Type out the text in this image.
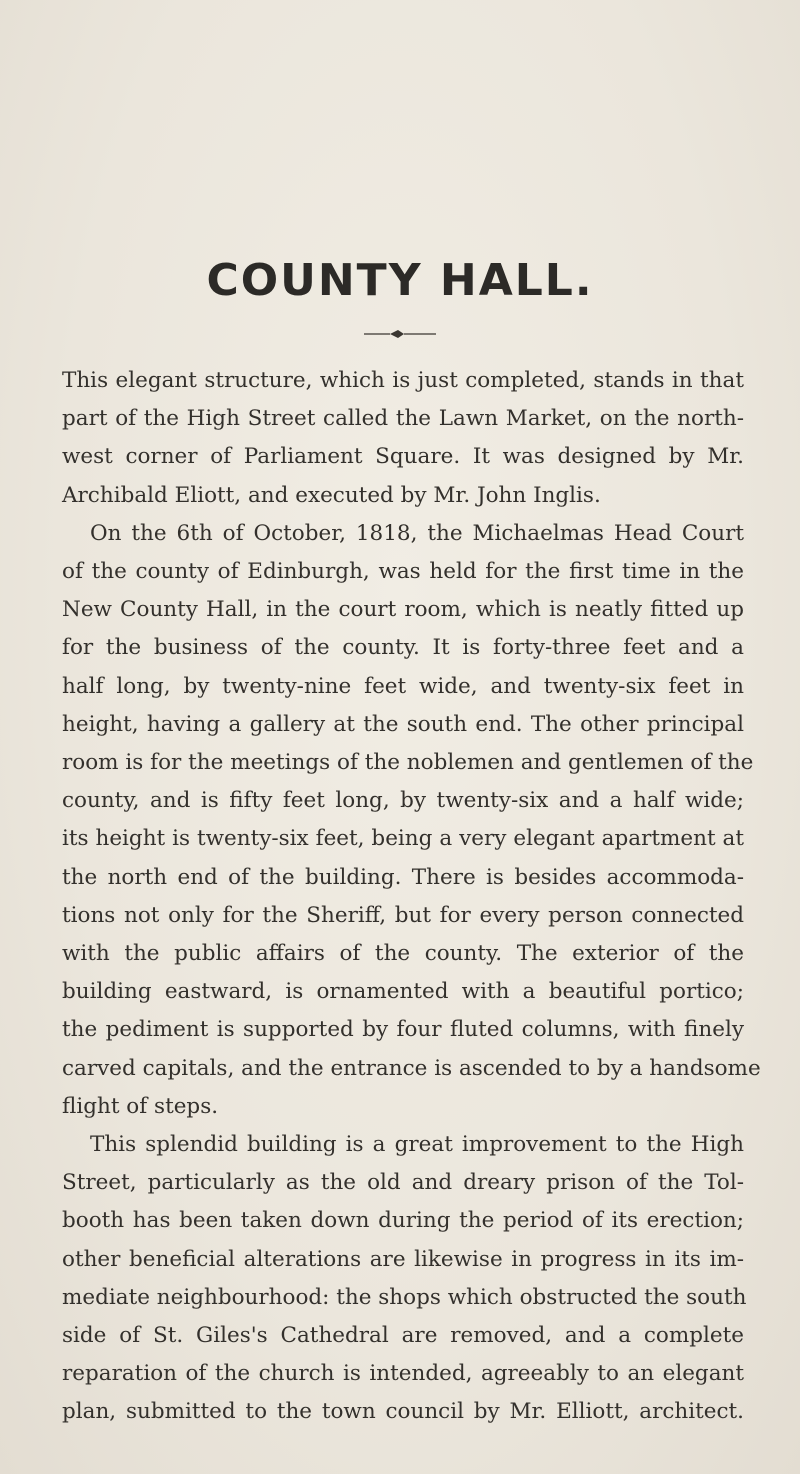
COUNTY HALL.
This elegant structure, which is just completed, stands in that
part of the High Street called the Lawn Market, on the north-
west corner of Parliament Square. It was designed by Mr.
Archibald Eliott, and executed by Mr. John Inglis.
On the 6th of October, 1818, the Michaelmas Head Court
of the county of Edinburgh, was held for the first time in the
New County Hall, in the court room, which is neatly fitted up
for the business of the county. It is forty-three feet and a
half long, by twenty-nine feet wide, and twenty-six feet in
height, having a gallery at the south end. The other principal
room is for the meetings of the noblemen and gentlemen of the
county, and is fifty feet long, by twenty-six and a half wide;
its height is twenty-six feet, being a very elegant apartment at
the north end of the building. There is besides accommoda-
tions not only for the Sheriff, but for every person connected
with the public affairs of the county. The exterior of the
building eastward, is ornamented with a beautiful portico;
the pediment is supported by four fluted columns, with finely
carved capitals, and the entrance is ascended to by a handsome
flight of steps.
This splendid building is a great improvement to the High
Street, particularly as the old and dreary prison of the Tol-
booth has been taken down during the period of its erection;
other beneficial alterations are likewise in progress in its im-
mediate neighbourhood: the shops which obstructed the south
side of St. Giles's Cathedral are removed, and a complete
reparation of the church is intended, agreeably to an elegant
plan, submitted to the town council by Mr. Elliott, architect.
